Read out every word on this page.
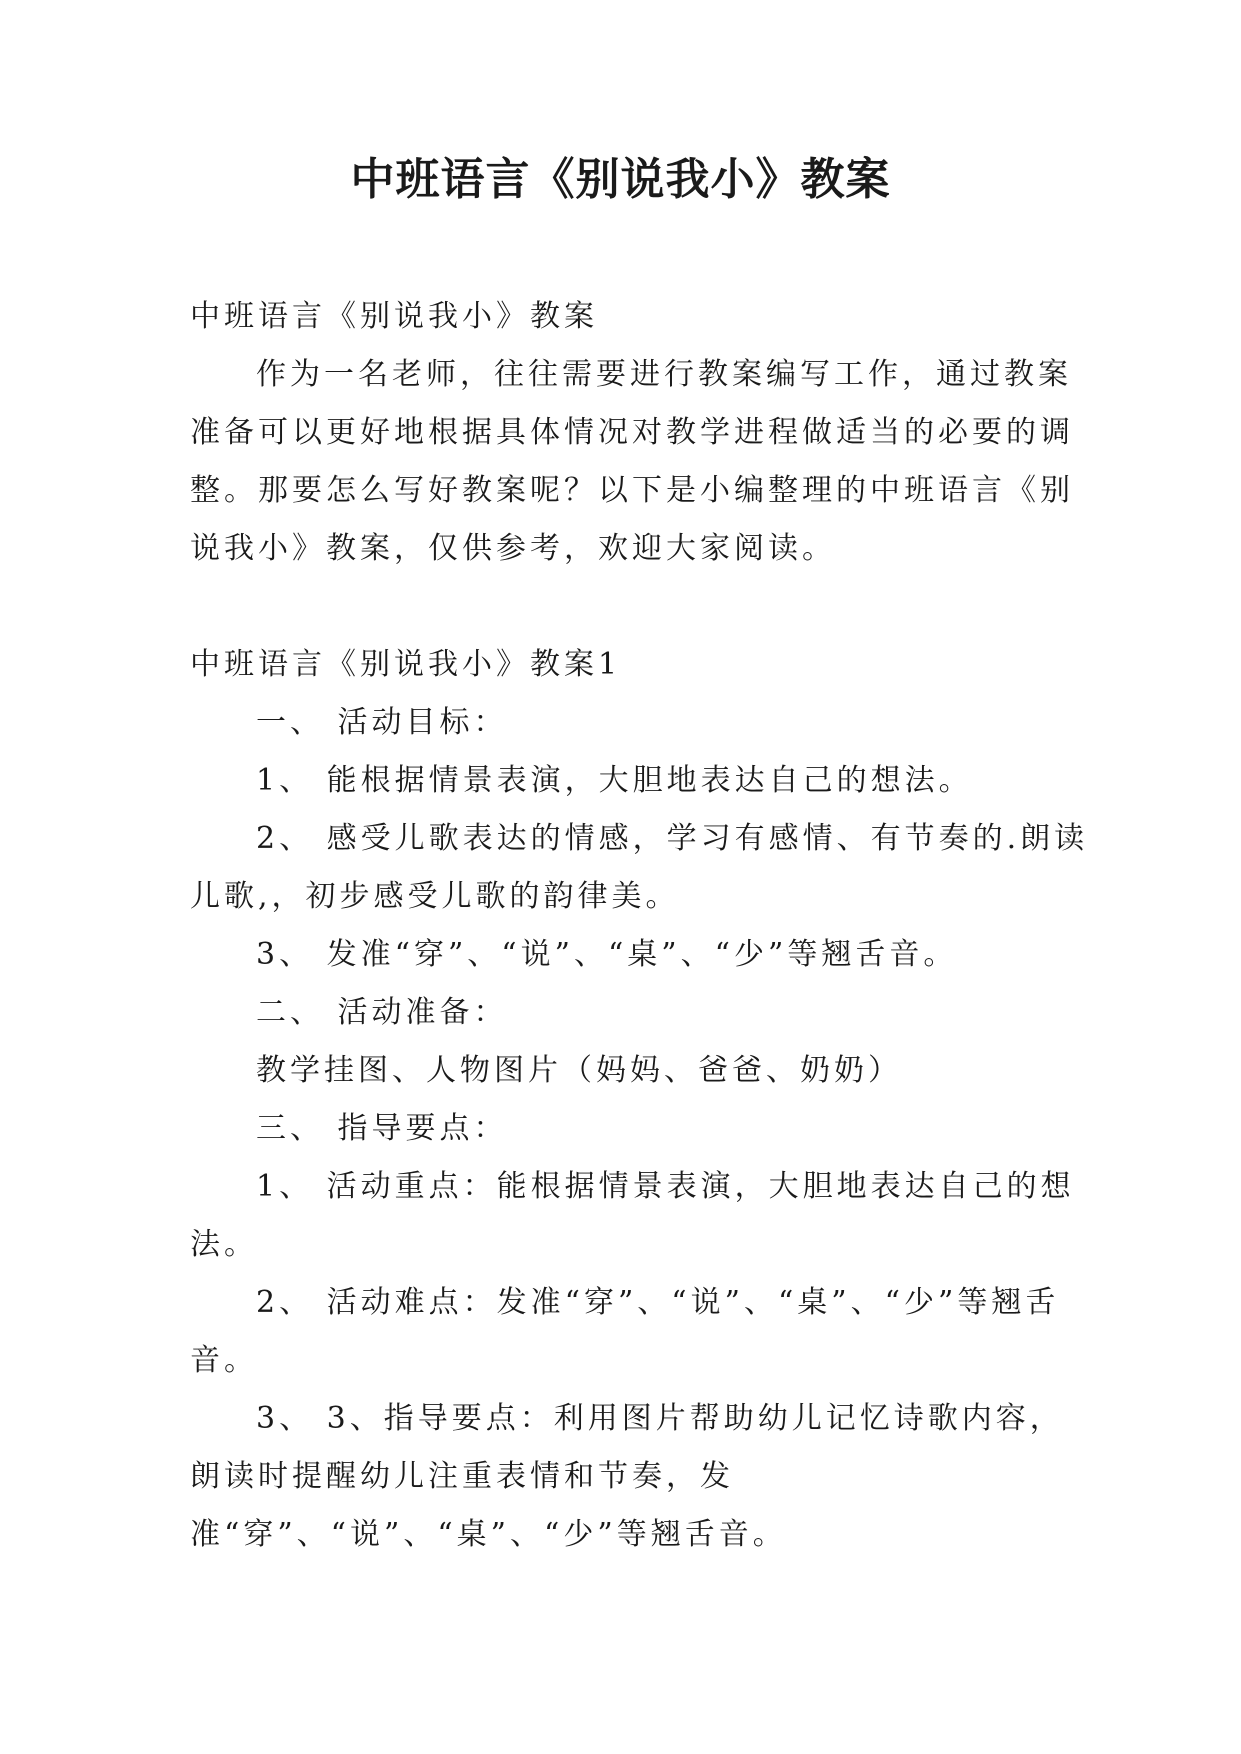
中班语言《别说我小》教案

中班语言《别说我小》教案

作为一名老师，往往需要进行教案编写工作，通过教案准备可以更好地根据具体情况对教学进程做适当的必要的调整。那要怎么写好教案呢？以下是小编整理的中班语言《别说我小》教案，仅供参考，欢迎大家阅读。

中班语言《别说我小》教案1

一、 活动目标：

1、 能根据情景表演，大胆地表达自己的想法。

2、 感受儿歌表达的情感，学习有感情、有节奏的.朗读儿歌,，初步感受儿歌的韵律美。

3、 发准“穿”、“说”、“桌”、“少”等翘舌音。

二、 活动准备：

教学挂图、人物图片（妈妈、爸爸、奶奶）

三、 指导要点：

1、 活动重点：能根据情景表演，大胆地表达自己的想法。

2、 活动难点：发准“穿”、“说”、“桌”、“少”等翘舌音。

3、 3、指导要点：利用图片帮助幼儿记忆诗歌内容，朗读时提醒幼儿注重表情和节奏，发准“穿”、“说”、“桌”、“少”等翘舌音。
